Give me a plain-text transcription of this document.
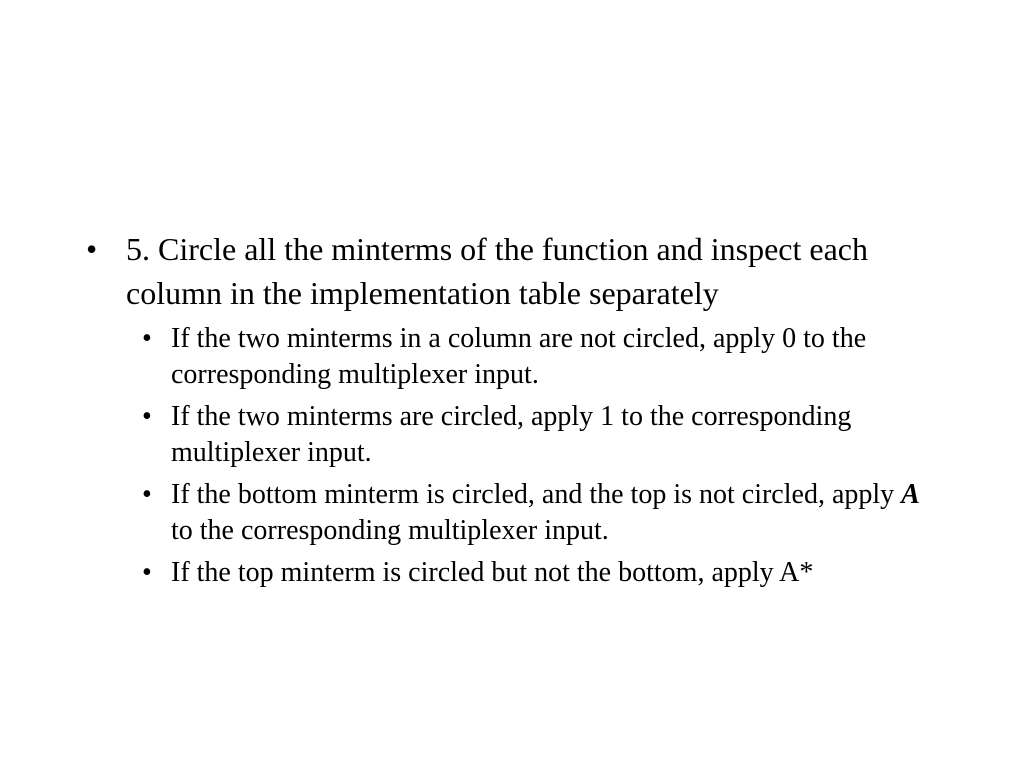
• 5. Circle all the minterms of the function and inspect each column in the implementation table separately
• If the two minterms in a column are not circled, apply 0 to the corresponding multiplexer input.
• If the two minterms are circled, apply 1 to the corresponding multiplexer input.
• If the bottom minterm is circled, and the top is not circled, apply A to the corresponding multiplexer input.
• If the top minterm is circled but not the bottom, apply A*
